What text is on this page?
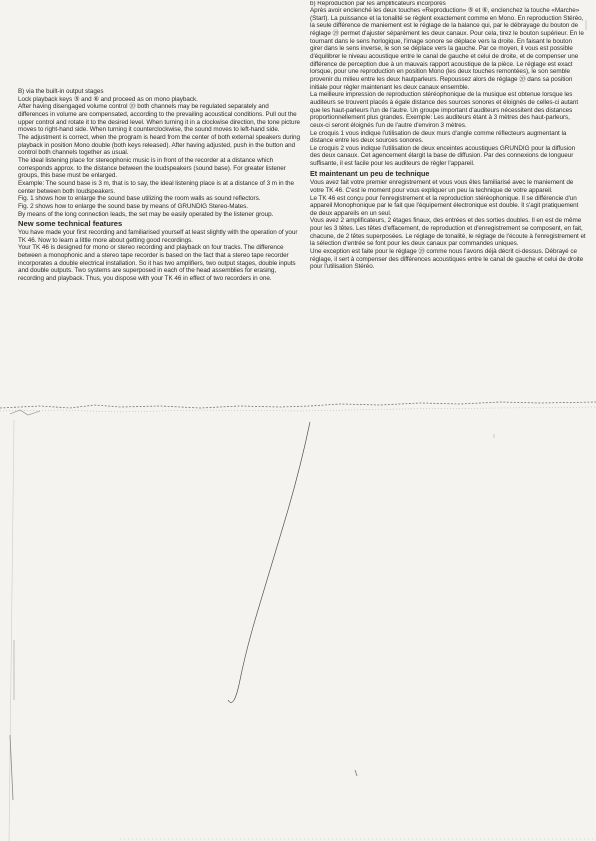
B) via the built-in output stages

Lock playback keys ⑤ and ⑥ and proceed as on mono playback.

After having disengaged volume control ⑳ both channels may be regulated separately and differences in volume are compensated, according to the prevailing acoustical conditions. Pull out the upper control and rotate it to the desired level. When turning it in a clockwise direction, the tone picture moves to right-hand side. When turning it counterclockwise, the sound moves to left-hand side.

The adjustment is correct, when the program is heard from the center of both external speakers during playback in position Mono double (both keys released). After having adjusted, push in the button and control both channels together as usual.

The ideal listening place for stereophonic music is in front of the recorder at a distance which corresponds approx. to the distance between the loudspeakers (sound base). For greater listener groups, this base must be enlarged.

Example: The sound base is 3 m, that is to say, the ideal listening place is at a distance of 3 m in the center between both loudspeakers.

Fig. 1 shows how to enlarge the sound base utilizing the room walls as sound reflectors.

Fig. 2 shows how to enlarge the sound base by means of GRUNDIG Stereo-Mates.

By means of the long connection leads, the set may be easily operated by the listener group.

New some technical features

You have made your first recording and familiarised yourself at least slightly with the operation of your TK 46. Now to learn a little more about getting good recordings.

Your TK 46 is designed for mono or stereo recording and playback on four tracks. The difference between a monophonic and a stereo tape recorder is based on the fact that a stereo tape recorder incorporates a double electrical installation. So it has two amplifiers, two output stages, double inputs and double outputs. Two systems are superposed in each of the head assemblies for erasing, recording and playback. Thus, you dispose with your TK 46 in effect of two recorders in one.

b) Reproduction par les amplificateurs incorporés

Après avoir enclenché les deux touches «Reproduction» ⑤ et ⑥, enclenchez la touche «Marche» (Start). La puissance et la tonalité se règlent exactement comme en Mono. En reproduction Stéréo, la seule différence de maniement est le réglage de la balance qui, par le débrayage du bouton de réglage ⑳ permet d'ajuster séparément les deux canaux. Pour cela, tirez le bouton supérieur. En le tournant dans le sens horlogique, l'image sonore se déplace vers la droite. En faisant le bouton girer dans le sens inverse, le son se déplace vers la gauche. Par ce moyen, il vous est possible d'équilibrer le niveau acoustique entre le canal de gauche et celui de droite, et de compenser une différence de perception due à un mauvais rapport acoustique de la pièce. Le réglage est exact lorsque, pour une reproduction en position Mono (les deux touches remontées), le son semble provenir du milieu entre les deux hautparleurs. Repoussez alors de réglage ⑳ dans sa position initiale pour régler maintenant les deux canaux ensemble.

La meilleure impression de reproduction stéréophonique de la musique est obtenue lorsque les auditeurs se trouvent placés à égale distance des sources sonores et éloignés de celles-ci autant que les haut-parleurs l'un de l'autre. Un groupe important d'auditeurs nécessitent des distances proportionnellement plus grandes. Exemple: Les auditeurs étant à 3 mètres des haut-parleurs, ceux-ci seront éloignés l'un de l'autre d'environ 3 mètres.

Le croquis 1 vous indique l'utilisation de deux murs d'angle comme réflecteurs augmentant la distance entre les deux sources sonores.

Le croquis 2 vous indique l'utilisation de deux enceintes acoustiques GRUNDIG pour la diffusion des deux canaux. Cet agencement élargit la base de diffusion. Par des connexions de longueur suffisante, il est facile pour les auditeurs de régler l'appareil.

Et maintenant un peu de technique

Vous avez fait votre premier enregistrement et vous vous êtes familiarisé avec le maniement de votre TK 46. C'est le moment pour vous expliquer un peu la technique de votre appareil.

Le TK 46 est conçu pour l'enregistrement et la reproduction stéréophonique. Il se différencie d'un appareil Monophonique par le fait que l'équipement électronique est double. Il s'agit pratiquement de deux appareils en un seul.

Vous avez 2 amplificateurs, 2 étages finaux, des entrées et des sorties doubles. Il en est de même pour les 3 têtes. Les têtes d'effacement, de reproduction et d'enregistrement se composent, en fait, chacune, de 2 têtes superposées. Le réglage de tonalité, le réglage de l'écoute à l'enregistrement et la sélection d'entrée se font pour les deux canaux par commandes uniques.

Une exception est faite pour le réglage ⑳ comme nous l'avons déjà décrit ci-dessus. Débrayé ce réglage, il sert à compenser des différences acoustiques entre le canal de gauche et celui de droite pour l'utilisation Stéréo.
